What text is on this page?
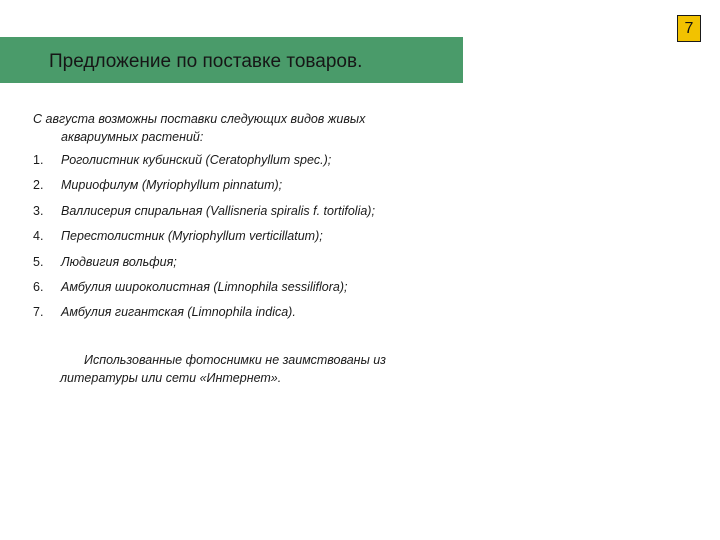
7
Предложение по поставке товаров.
С августа возможны поставки следующих видов живых
аквариумных растений:
1. Роголистник кубинский (Ceratophyllum spec.);
2. Мириофилум (Myriophyllum pinnatum);
3. Валлисерия спиральная (Vallisneria spiralis f. tortifolia);
4. Перестолистник (Myriophyllum verticillatum);
5. Людвигия вольфия;
6. Амбулия широколистная (Limnophila sessiliflora);
7. Амбулия гигантская (Limnophila indica).
Использованные фотоснимки не заимствованы из
литературы или сети «Интернет».
